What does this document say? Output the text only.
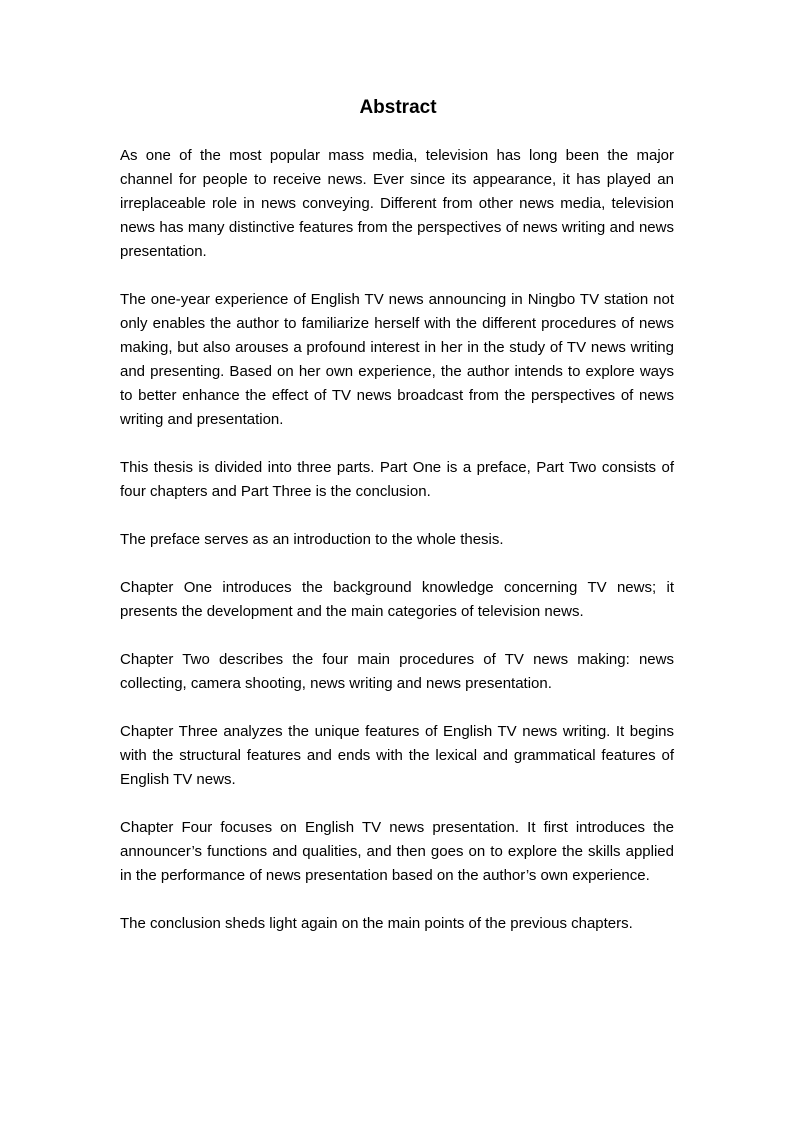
Abstract

As one of the most popular mass media, television has long been the major channel for people to receive news. Ever since its appearance, it has played an irreplaceable role in news conveying. Different from other news media, television news has many distinctive features from the perspectives of news writing and news presentation.

The one-year experience of English TV news announcing in Ningbo TV station not only enables the author to familiarize herself with the different procedures of news making, but also arouses a profound interest in her in the study of TV news writing and presenting. Based on her own experience, the author intends to explore ways to better enhance the effect of TV news broadcast from the perspectives of news writing and presentation.

This thesis is divided into three parts. Part One is a preface, Part Two consists of four chapters and Part Three is the conclusion.

The preface serves as an introduction to the whole thesis.

Chapter One introduces the background knowledge concerning TV news; it presents the development and the main categories of television news.

Chapter Two describes the four main procedures of TV news making: news collecting, camera shooting, news writing and news presentation.

Chapter Three analyzes the unique features of English TV news writing. It begins with the structural features and ends with the lexical and grammatical features of English TV news.

Chapter Four focuses on English TV news presentation. It first introduces the announcer’s functions and qualities, and then goes on to explore the skills applied in the performance of news presentation based on the author’s own experience.

The conclusion sheds light again on the main points of the previous chapters.
